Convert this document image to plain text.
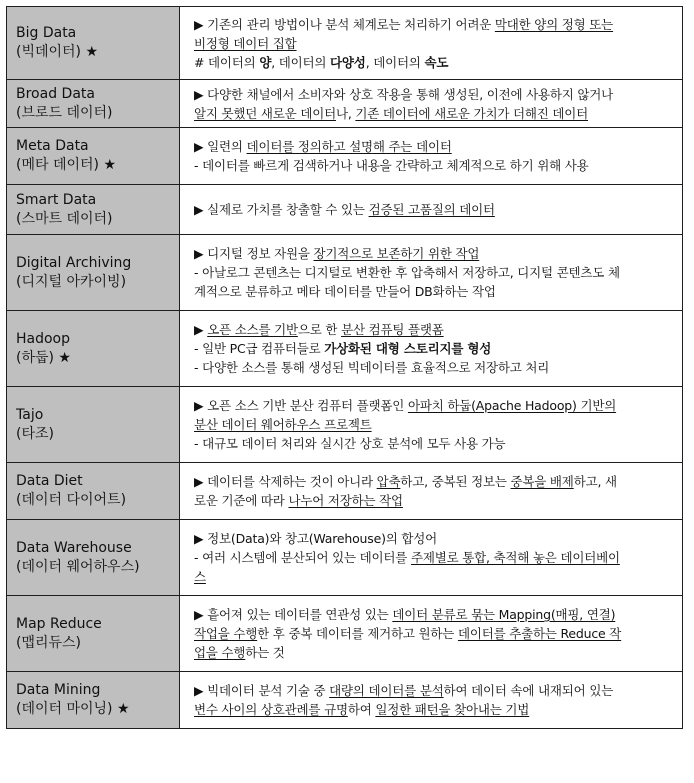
Big Data
(빅데이터) ★	▶ 기존의 관리 방법이나 분석 체계로는 처리하기 어려운 막대한 양의 정형 또는
비정형 데이터 집합
# 데이터의 양, 데이터의 다양성, 데이터의 속도

Broad Data
(브로드 데이터)	▶ 다양한 채널에서 소비자와 상호 작용을 통해 생성된, 이전에 사용하지 않거나
알지 못했던 새로운 데이터나, 기존 데이터에 새로운 가치가 더해진 데이터

Meta Data
(메타 데이터) ★	▶ 일련의 데이터를 정의하고 설명해 주는 데이터
- 데이터를 빠르게 검색하거나 내용을 간략하고 체계적으로 하기 위해 사용

Smart Data
(스마트 데이터)	▶ 실제로 가치를 창출할 수 있는 검증된 고품질의 데이터

Digital Archiving
(디지털 아카이빙)	▶ 디지털 정보 자원을 장기적으로 보존하기 위한 작업
- 아날로그 콘텐츠는 디지털로 변환한 후 압축해서 저장하고, 디지털 콘텐츠도 체
계적으로 분류하고 메타 데이터를 만들어 DB화하는 작업

Hadoop
(하둡) ★	▶ 오픈 소스를 기반으로 한 분산 컴퓨팅 플랫폼
- 일반 PC급 컴퓨터들로 가상화된 대형 스토리지를 형성
- 다양한 소스를 통해 생성된 빅데이터를 효율적으로 저장하고 처리

Tajo
(타조)	▶ 오픈 소스 기반 분산 컴퓨터 플랫폼인 아파치 하둡(Apache Hadoop) 기반의
분산 데이터 웨어하우스 프로젝트
- 대규모 데이터 처리와 실시간 상호 분석에 모두 사용 가능

Data Diet
(데이터 다이어트)	▶ 데이터를 삭제하는 것이 아니라 압축하고, 중복된 정보는 중복을 배제하고, 새
로운 기준에 따라 나누어 저장하는 작업

Data Warehouse
(데이터 웨어하우스)	▶ 정보(Data)와 창고(Warehouse)의 합성어
- 여러 시스템에 분산되어 있는 데이터를 주제별로 통합, 축적해 놓은 데이터베이
스

Map Reduce
(맵리듀스)	▶ 흩어져 있는 데이터를 연관성 있는 데이터 분류로 묶는 Mapping(매핑, 연결)
작업을 수행한 후 중복 데이터를 제거하고 원하는 데이터를 추출하는 Reduce 작
업을 수행하는 것

Data Mining
(데이터 마이닝) ★	▶ 빅데이터 분석 기술 중 대량의 데이터를 분석하여 데이터 속에 내재되어 있는
변수 사이의 상호관례를 규명하여 일정한 패턴을 찾아내는 기법
